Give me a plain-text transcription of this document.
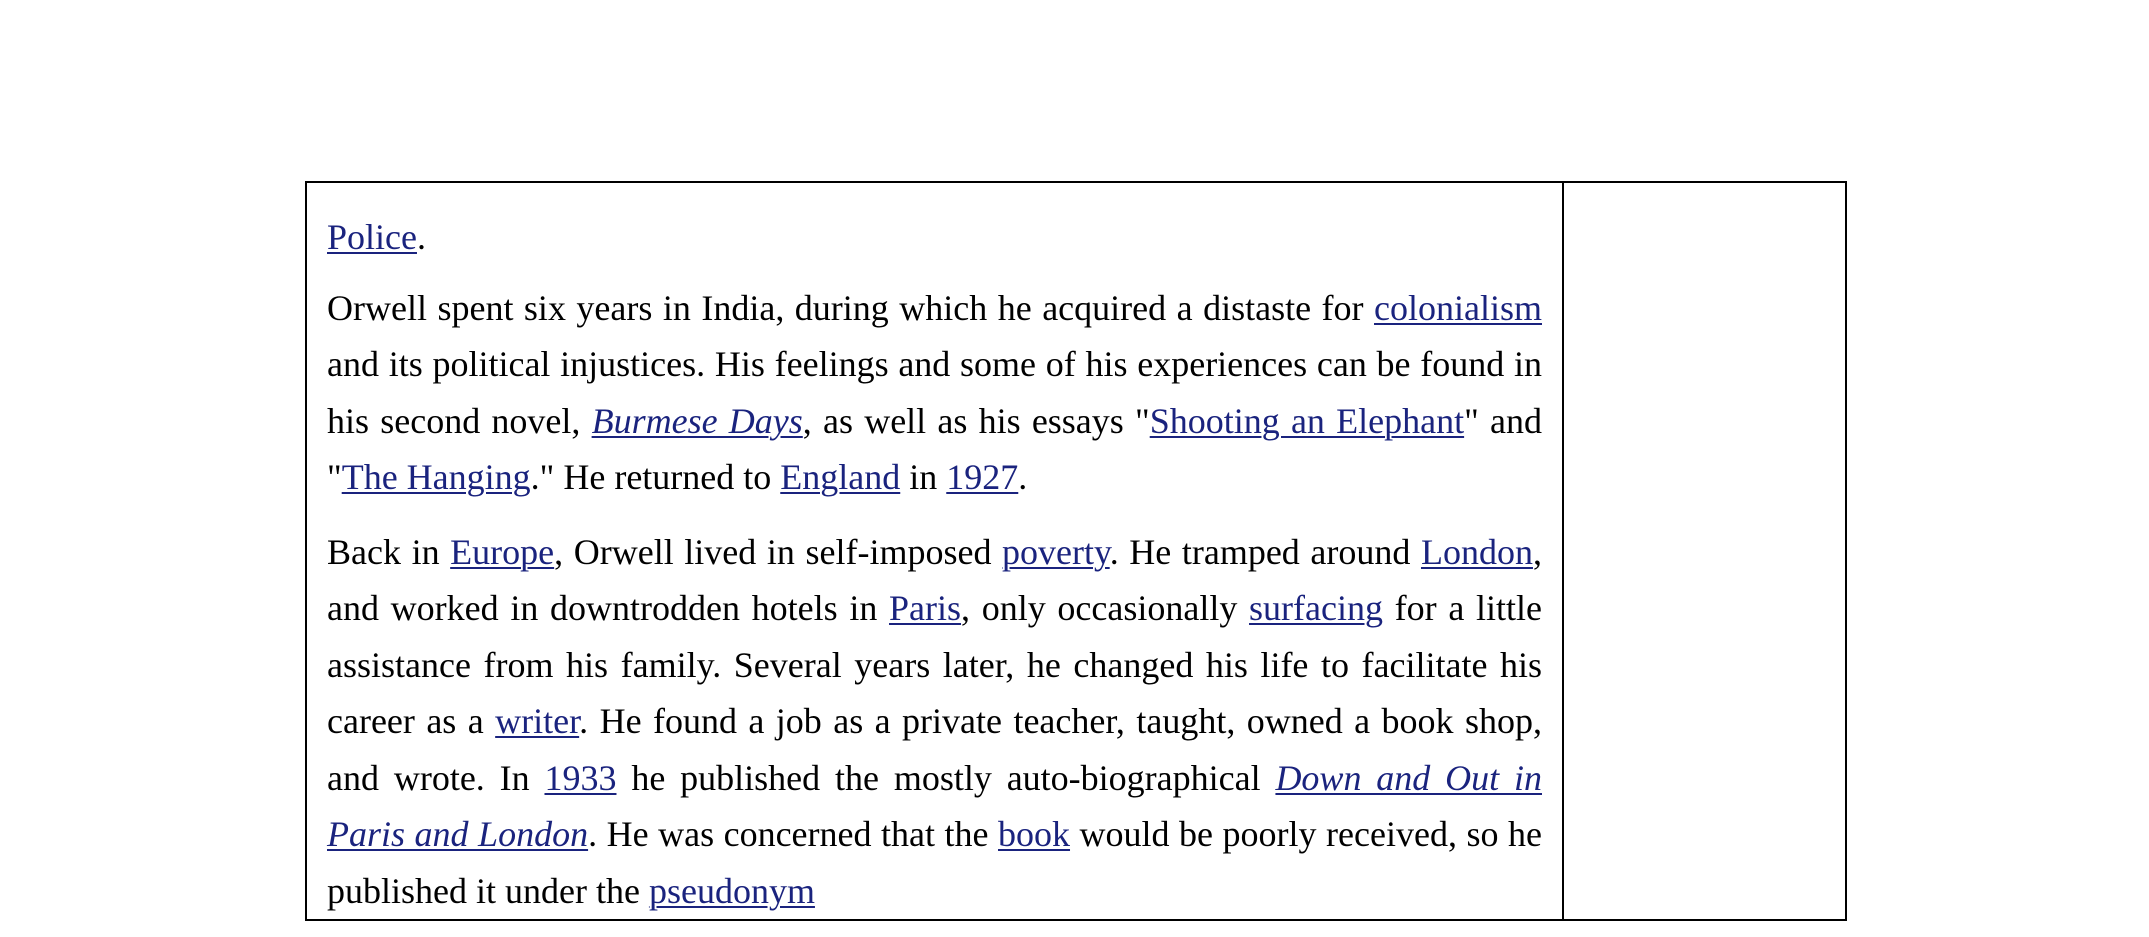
Police.

Orwell spent six years in India, during which he acquired a distaste for colonialism and its political injustices. His feelings and some of his experiences can be found in his second novel, Burmese Days, as well as his essays "Shooting an Elephant" and "The Hanging." He returned to England in 1927.

Back in Europe, Orwell lived in self-imposed poverty. He tramped around London, and worked in downtrodden hotels in Paris, only occasionally surfacing for a little assistance from his family. Several years later, he changed his life to facilitate his career as a writer. He found a job as a private teacher, taught, owned a book shop, and wrote. In 1933 he published the mostly auto-biographical Down and Out in Paris and London. He was concerned that the book would be poorly received, so he published it under the pseudonym
